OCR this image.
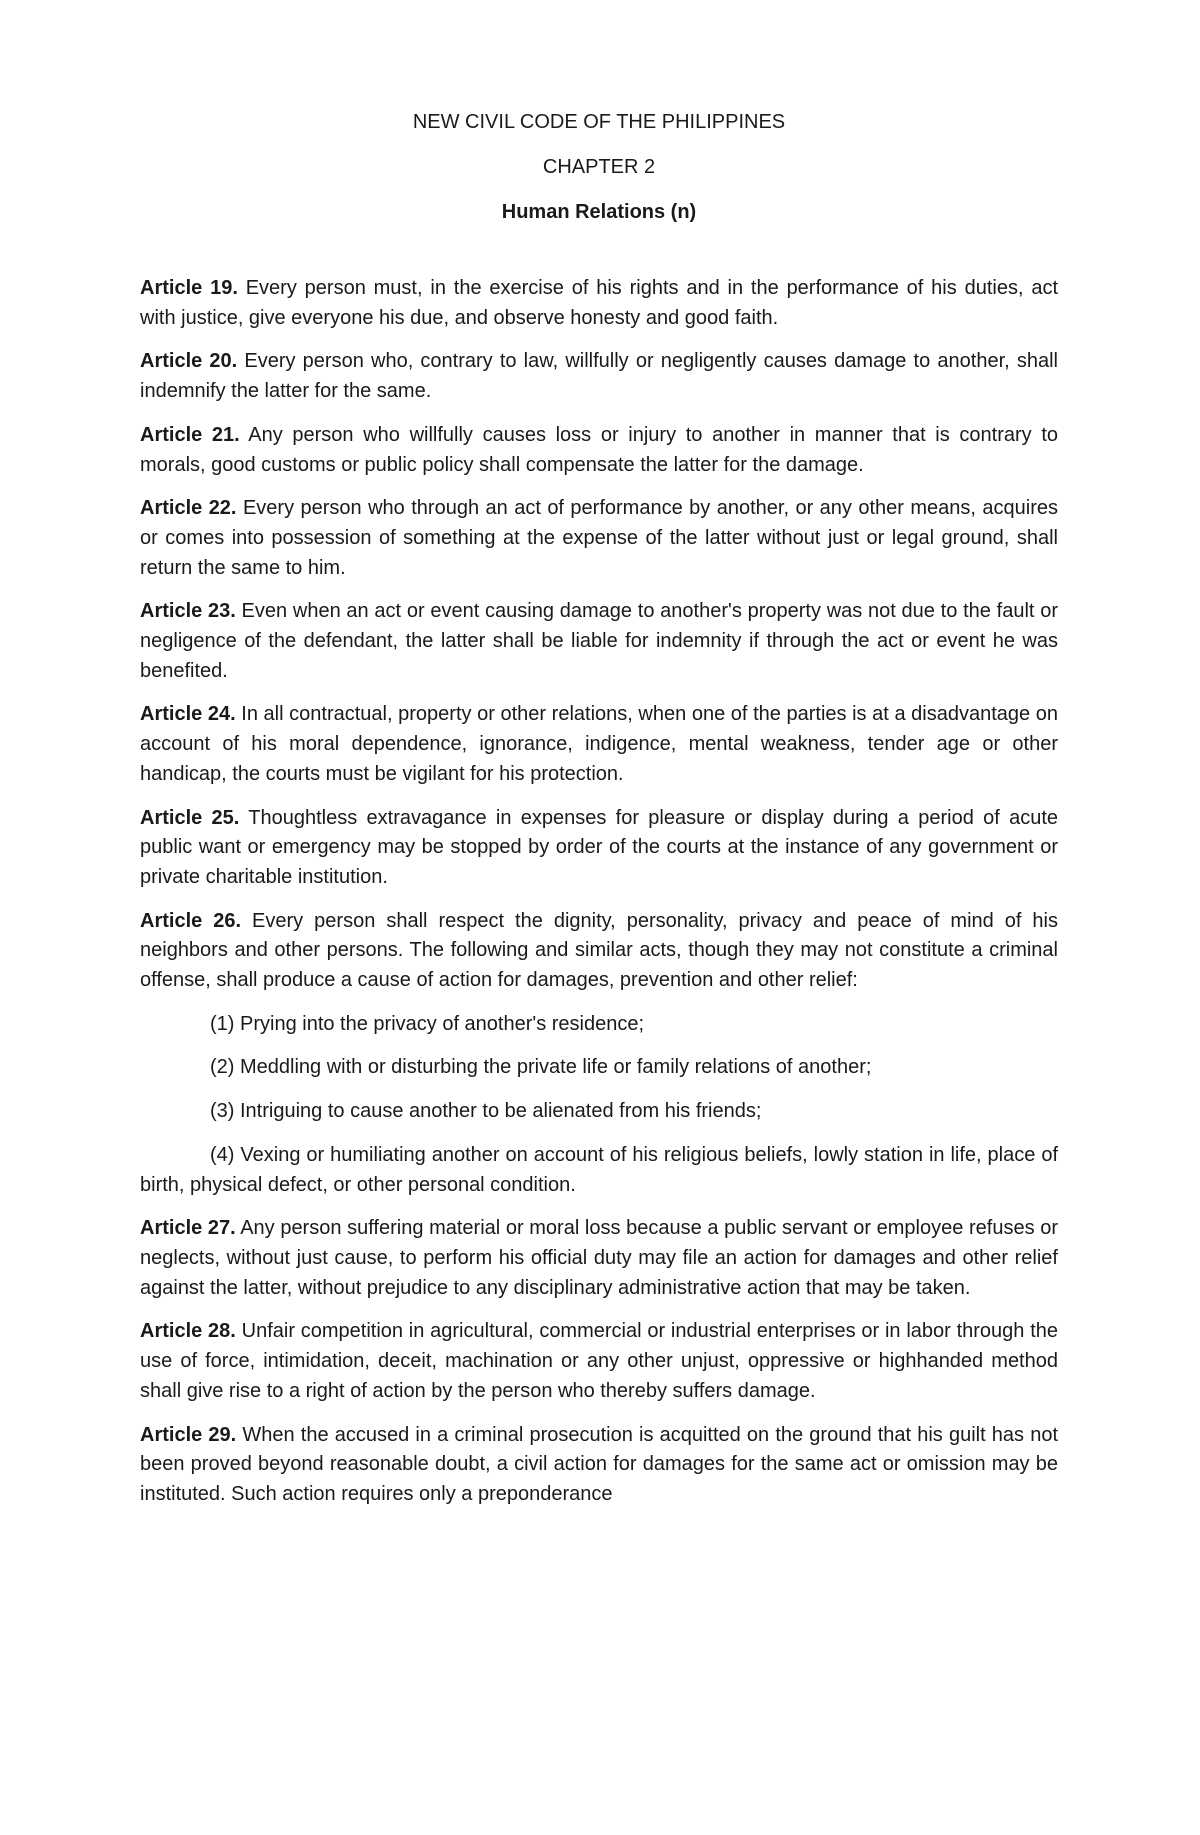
NEW CIVIL CODE OF THE PHILIPPINES

CHAPTER 2

Human Relations (n)

Article 19. Every person must, in the exercise of his rights and in the performance of his duties, act with justice, give everyone his due, and observe honesty and good faith.

Article 20. Every person who, contrary to law, willfully or negligently causes damage to another, shall indemnify the latter for the same.

Article 21. Any person who willfully causes loss or injury to another in manner that is contrary to morals, good customs or public policy shall compensate the latter for the damage.

Article 22. Every person who through an act of performance by another, or any other means, acquires or comes into possession of something at the expense of the latter without just or legal ground, shall return the same to him.

Article 23. Even when an act or event causing damage to another's property was not due to the fault or negligence of the defendant, the latter shall be liable for indemnity if through the act or event he was benefited.

Article 24. In all contractual, property or other relations, when one of the parties is at a disadvantage on account of his moral dependence, ignorance, indigence, mental weakness, tender age or other handicap, the courts must be vigilant for his protection.

Article 25. Thoughtless extravagance in expenses for pleasure or display during a period of acute public want or emergency may be stopped by order of the courts at the instance of any government or private charitable institution.

Article 26. Every person shall respect the dignity, personality, privacy and peace of mind of his neighbors and other persons. The following and similar acts, though they may not constitute a criminal offense, shall produce a cause of action for damages, prevention and other relief:

(1) Prying into the privacy of another's residence;

(2) Meddling with or disturbing the private life or family relations of another;

(3) Intriguing to cause another to be alienated from his friends;

(4) Vexing or humiliating another on account of his religious beliefs, lowly station in life, place of birth, physical defect, or other personal condition.

Article 27. Any person suffering material or moral loss because a public servant or employee refuses or neglects, without just cause, to perform his official duty may file an action for damages and other relief against the latter, without prejudice to any disciplinary administrative action that may be taken.

Article 28. Unfair competition in agricultural, commercial or industrial enterprises or in labor through the use of force, intimidation, deceit, machination or any other unjust, oppressive or highhanded method shall give rise to a right of action by the person who thereby suffers damage.

Article 29. When the accused in a criminal prosecution is acquitted on the ground that his guilt has not been proved beyond reasonable doubt, a civil action for damages for the same act or omission may be instituted. Such action requires only a preponderance
